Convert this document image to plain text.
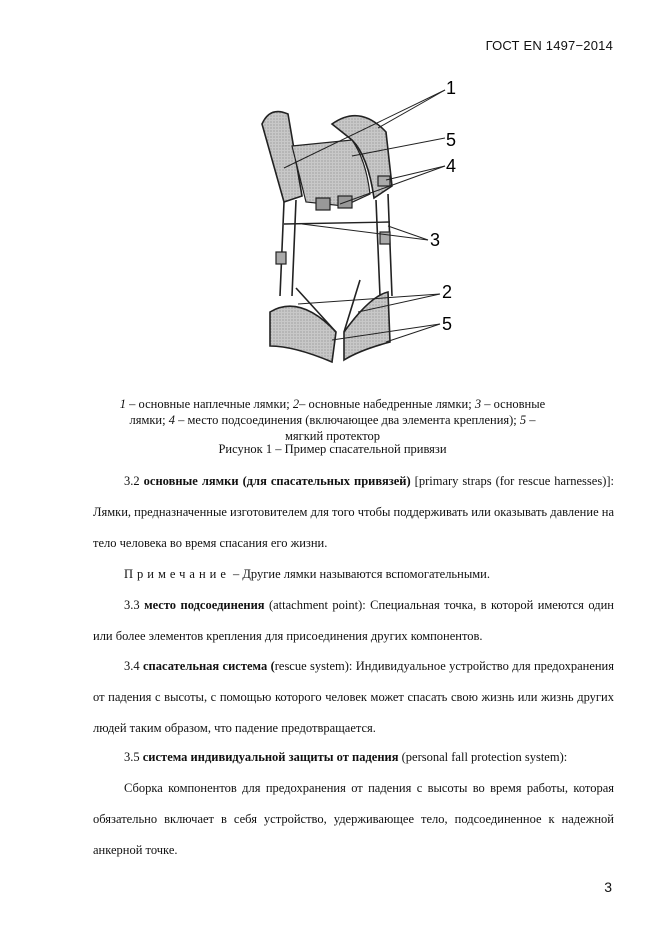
ГОСТ EN 1497−2014
1
5
4
3
2
5
1 – основные наплечные лямки; 2– основные набедренные лямки; 3 – основные лямки; 4 – место подсоединения (включающее два элемента крепления); 5 – мягкий протектор
Рисунок 1 – Пример спасательной привязи
3.2 основные лямки (для спасательных привязей) [primary straps (for rescue harnesses)]: Лямки, предназначенные изготовителем для того чтобы поддерживать или оказывать давление на тело человека во время спасания его жизни.
Примечание – Другие лямки называются вспомогательными.
3.3 место подсоединения (attachment point): Специальная точка, в которой имеются один или более элементов крепления для присоединения других компонентов.
3.4 спасательная система (rescue system): Индивидуальное устройство для предохранения от падения с высоты, с помощью которого человек может спасать свою жизнь или жизнь других людей таким образом, что падение предотвращается.
3.5 система индивидуальной защиты от падения (personal fall protection system):
Сборка компонентов для предохранения от падения с высоты во время работы, которая обязательно включает в себя устройство, удерживающее тело, подсоединенное к надежной анкерной точке.
3
